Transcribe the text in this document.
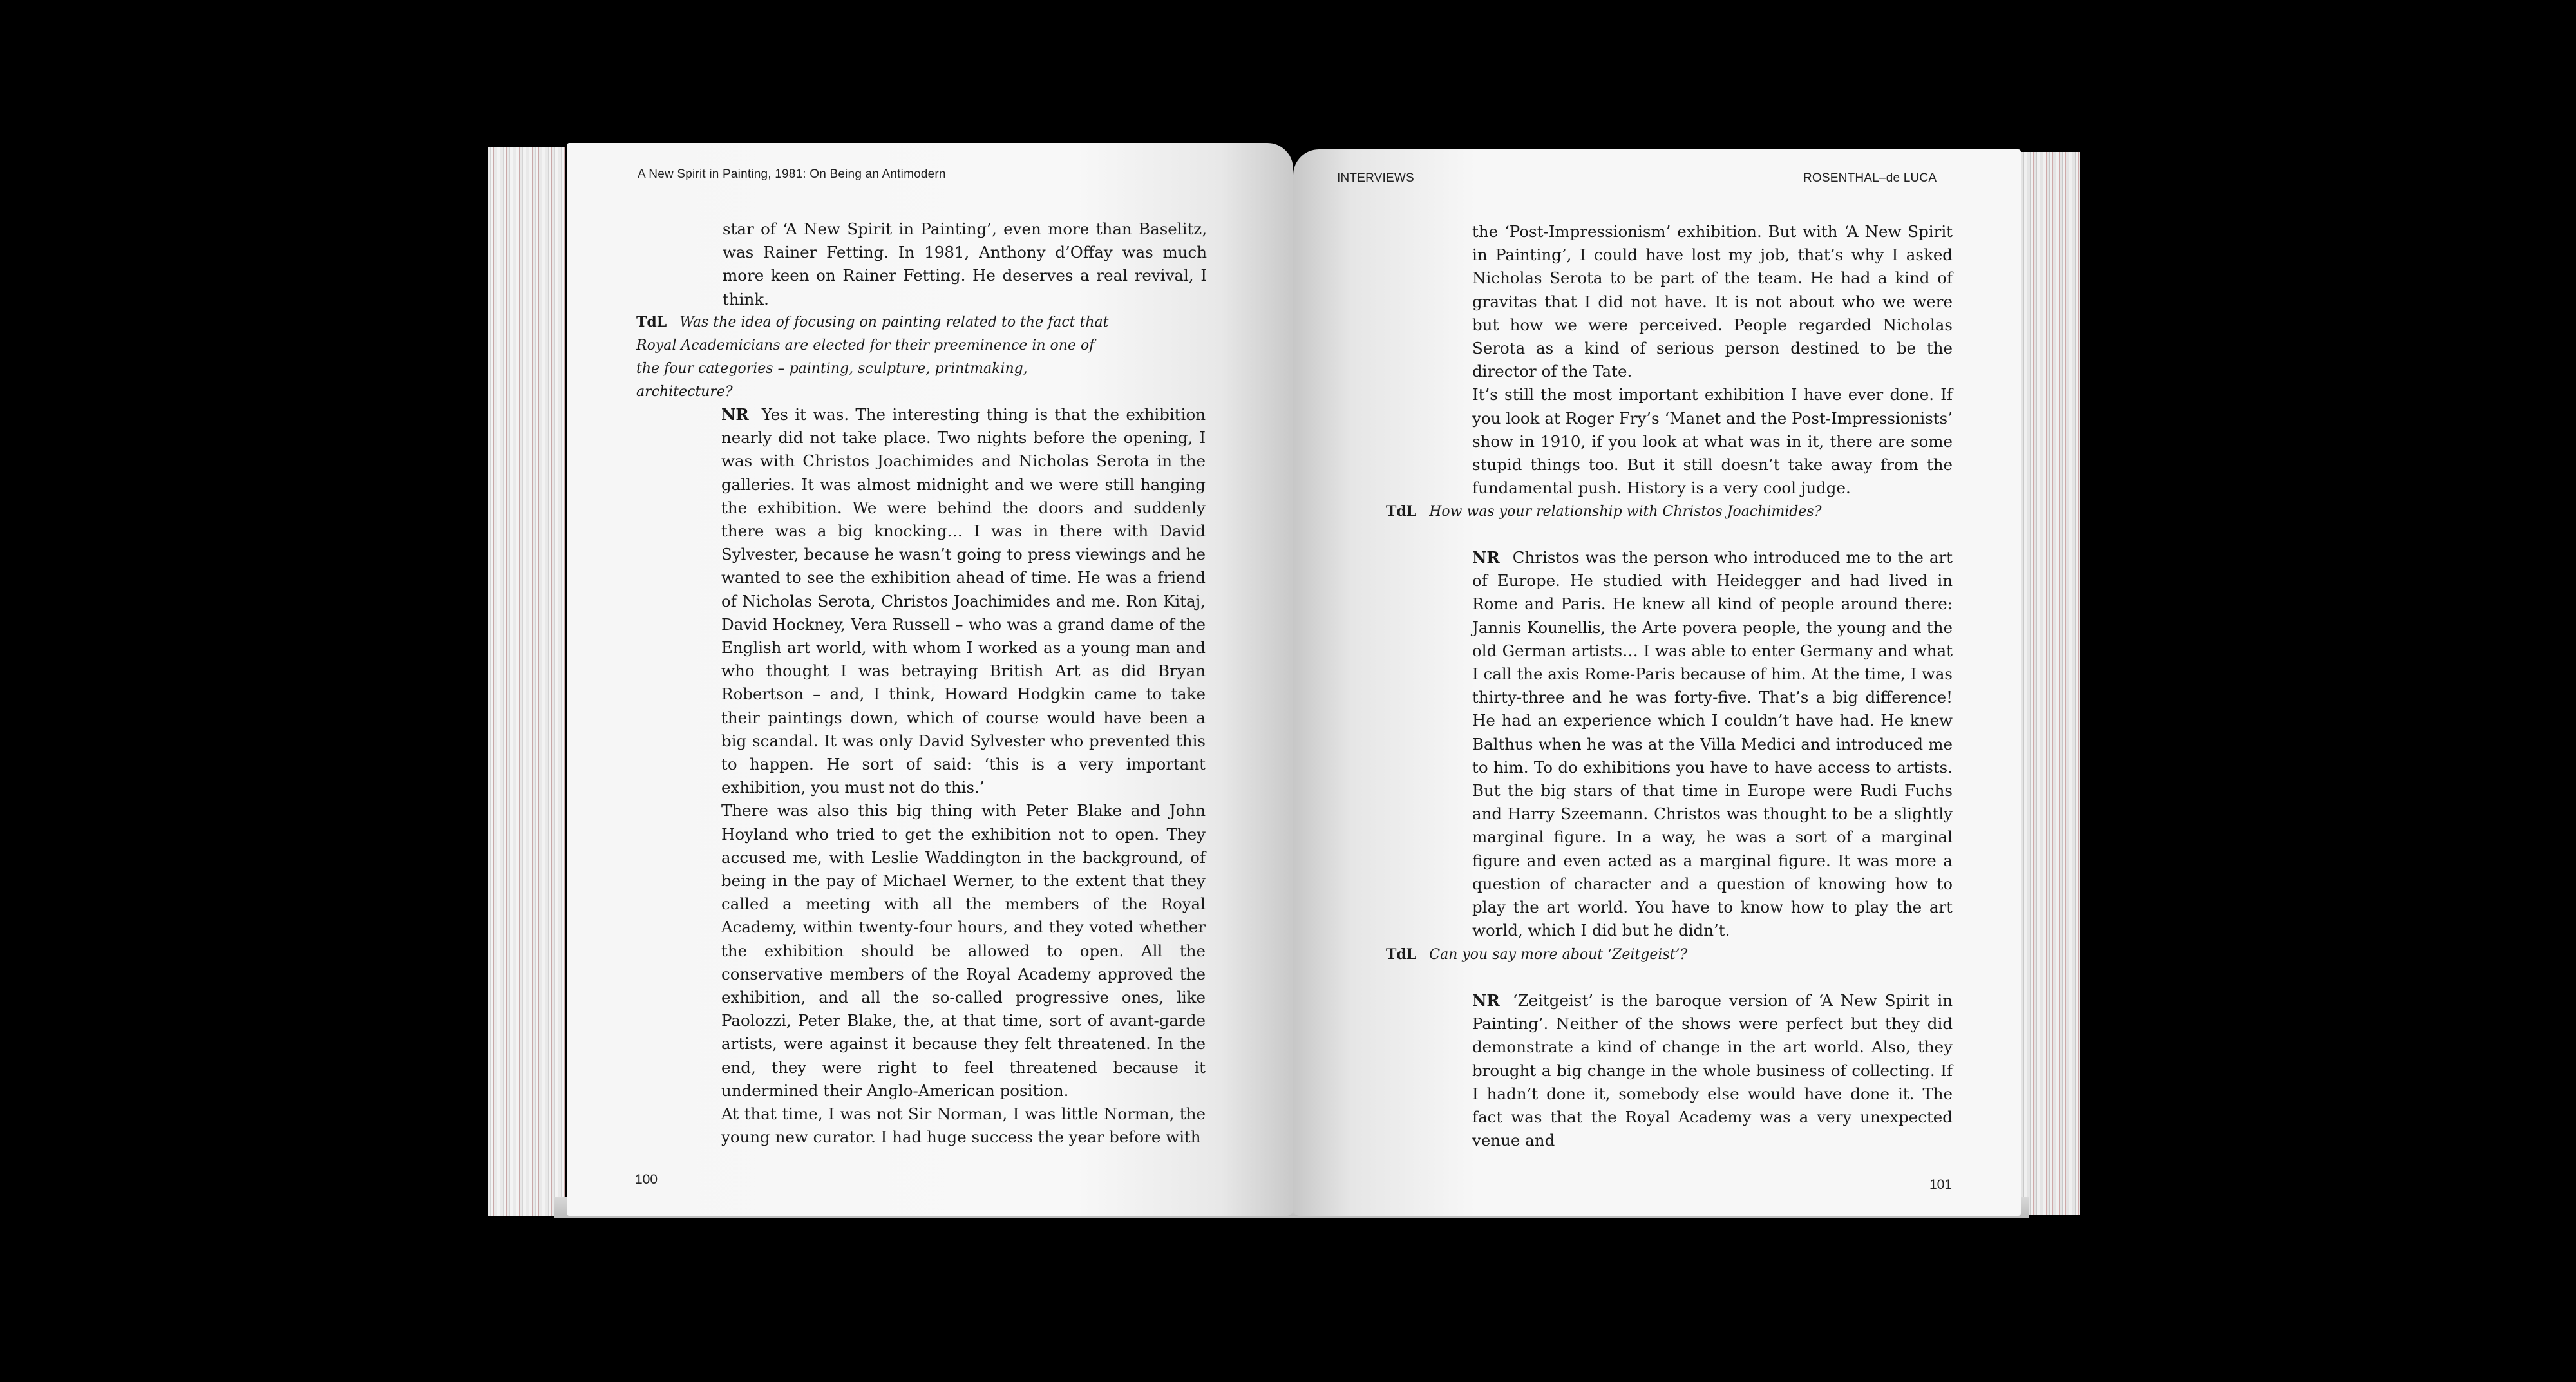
A New Spirit in Painting, 1981: On Being an Antimodern

star of ‘A New Spirit in Painting’, even more than Baselitz, was Rainer Fetting. In 1981, Anthony d’Offay was much more keen on Rainer Fetting. He deserves a real revival, I think.

TdL Was the idea of focusing on painting related to the fact that Royal Academicians are elected for their preeminence in one of the four categories – painting, sculpture, printmaking, architecture?

NR Yes it was. The interesting thing is that the exhibition nearly did not take place. Two nights before the opening, I was with Christos Joachimides and Nicholas Serota in the galleries. It was almost midnight and we were still hanging the exhibition. We were behind the doors and suddenly there was a big knocking… I was in there with David Sylvester, because he wasn’t going to press viewings and he wanted to see the exhibition ahead of time. He was a friend of Nicholas Serota, Christos Joachimides and me. Ron Kitaj, David Hockney, Vera Russell – who was a grand dame of the English art world, with whom I worked as a young man and who thought I was betraying British Art as did Bryan Robertson – and, I think, Howard Hodgkin came to take their paintings down, which of course would have been a big scandal. It was only David Sylvester who prevented this to happen. He sort of said: ‘this is a very important exhibition, you must not do this.’

There was also this big thing with Peter Blake and John Hoyland who tried to get the exhibition not to open. They accused me, with Leslie Waddington in the background, of being in the pay of Michael Werner, to the extent that they called a meeting with all the members of the Royal Academy, within twenty-four hours, and they voted whether the exhibition should be allowed to open. All the conservative members of the Royal Academy approved the exhibition, and all the so-called progressive ones, like Paolozzi, Peter Blake, the, at that time, sort of avant-garde artists, were against it because they felt threatened. In the end, they were right to feel threatened because it undermined their Anglo-American position.

At that time, I was not Sir Norman, I was little Norman, the young new curator. I had huge success the year before with

100
INTERVIEWS	ROSENTHAL–de LUCA

the ‘Post-Impressionism’ exhibition. But with ‘A New Spirit in Painting’, I could have lost my job, that’s why I asked Nicholas Serota to be part of the team. He had a kind of gravitas that I did not have. It is not about who we were but how we were perceived. People regarded Nicholas Serota as a kind of serious person destined to be the director of the Tate.

It’s still the most important exhibition I have ever done. If you look at Roger Fry’s ‘Manet and the Post-Impressionists’ show in 1910, if you look at what was in it, there are some stupid things too. But it still doesn’t take away from the fundamental push. History is a very cool judge.

TdL How was your relationship with Christos Joachimides?

NR Christos was the person who introduced me to the art of Europe. He studied with Heidegger and had lived in Rome and Paris. He knew all kind of people around there: Jannis Kounellis, the Arte povera people, the young and the old German artists… I was able to enter Germany and what I call the axis Rome-Paris because of him. At the time, I was thirty-three and he was forty-five. That’s a big difference! He had an experience which I couldn’t have had. He knew Balthus when he was at the Villa Medici and introduced me to him. To do exhibitions you have to have access to artists. But the big stars of that time in Europe were Rudi Fuchs and Harry Szeemann. Christos was thought to be a slightly marginal figure. In a way, he was a sort of a marginal figure and even acted as a marginal figure. It was more a question of character and a question of knowing how to play the art world. You have to know how to play the art world, which I did but he didn’t.

TdL Can you say more about ‘Zeitgeist’?

NR ‘Zeitgeist’ is the baroque version of ‘A New Spirit in Painting’. Neither of the shows were perfect but they did demonstrate a kind of change in the art world. Also, they brought a big change in the whole business of collecting. If I hadn’t done it, somebody else would have done it. The fact was that the Royal Academy was a very unexpected venue and

101
